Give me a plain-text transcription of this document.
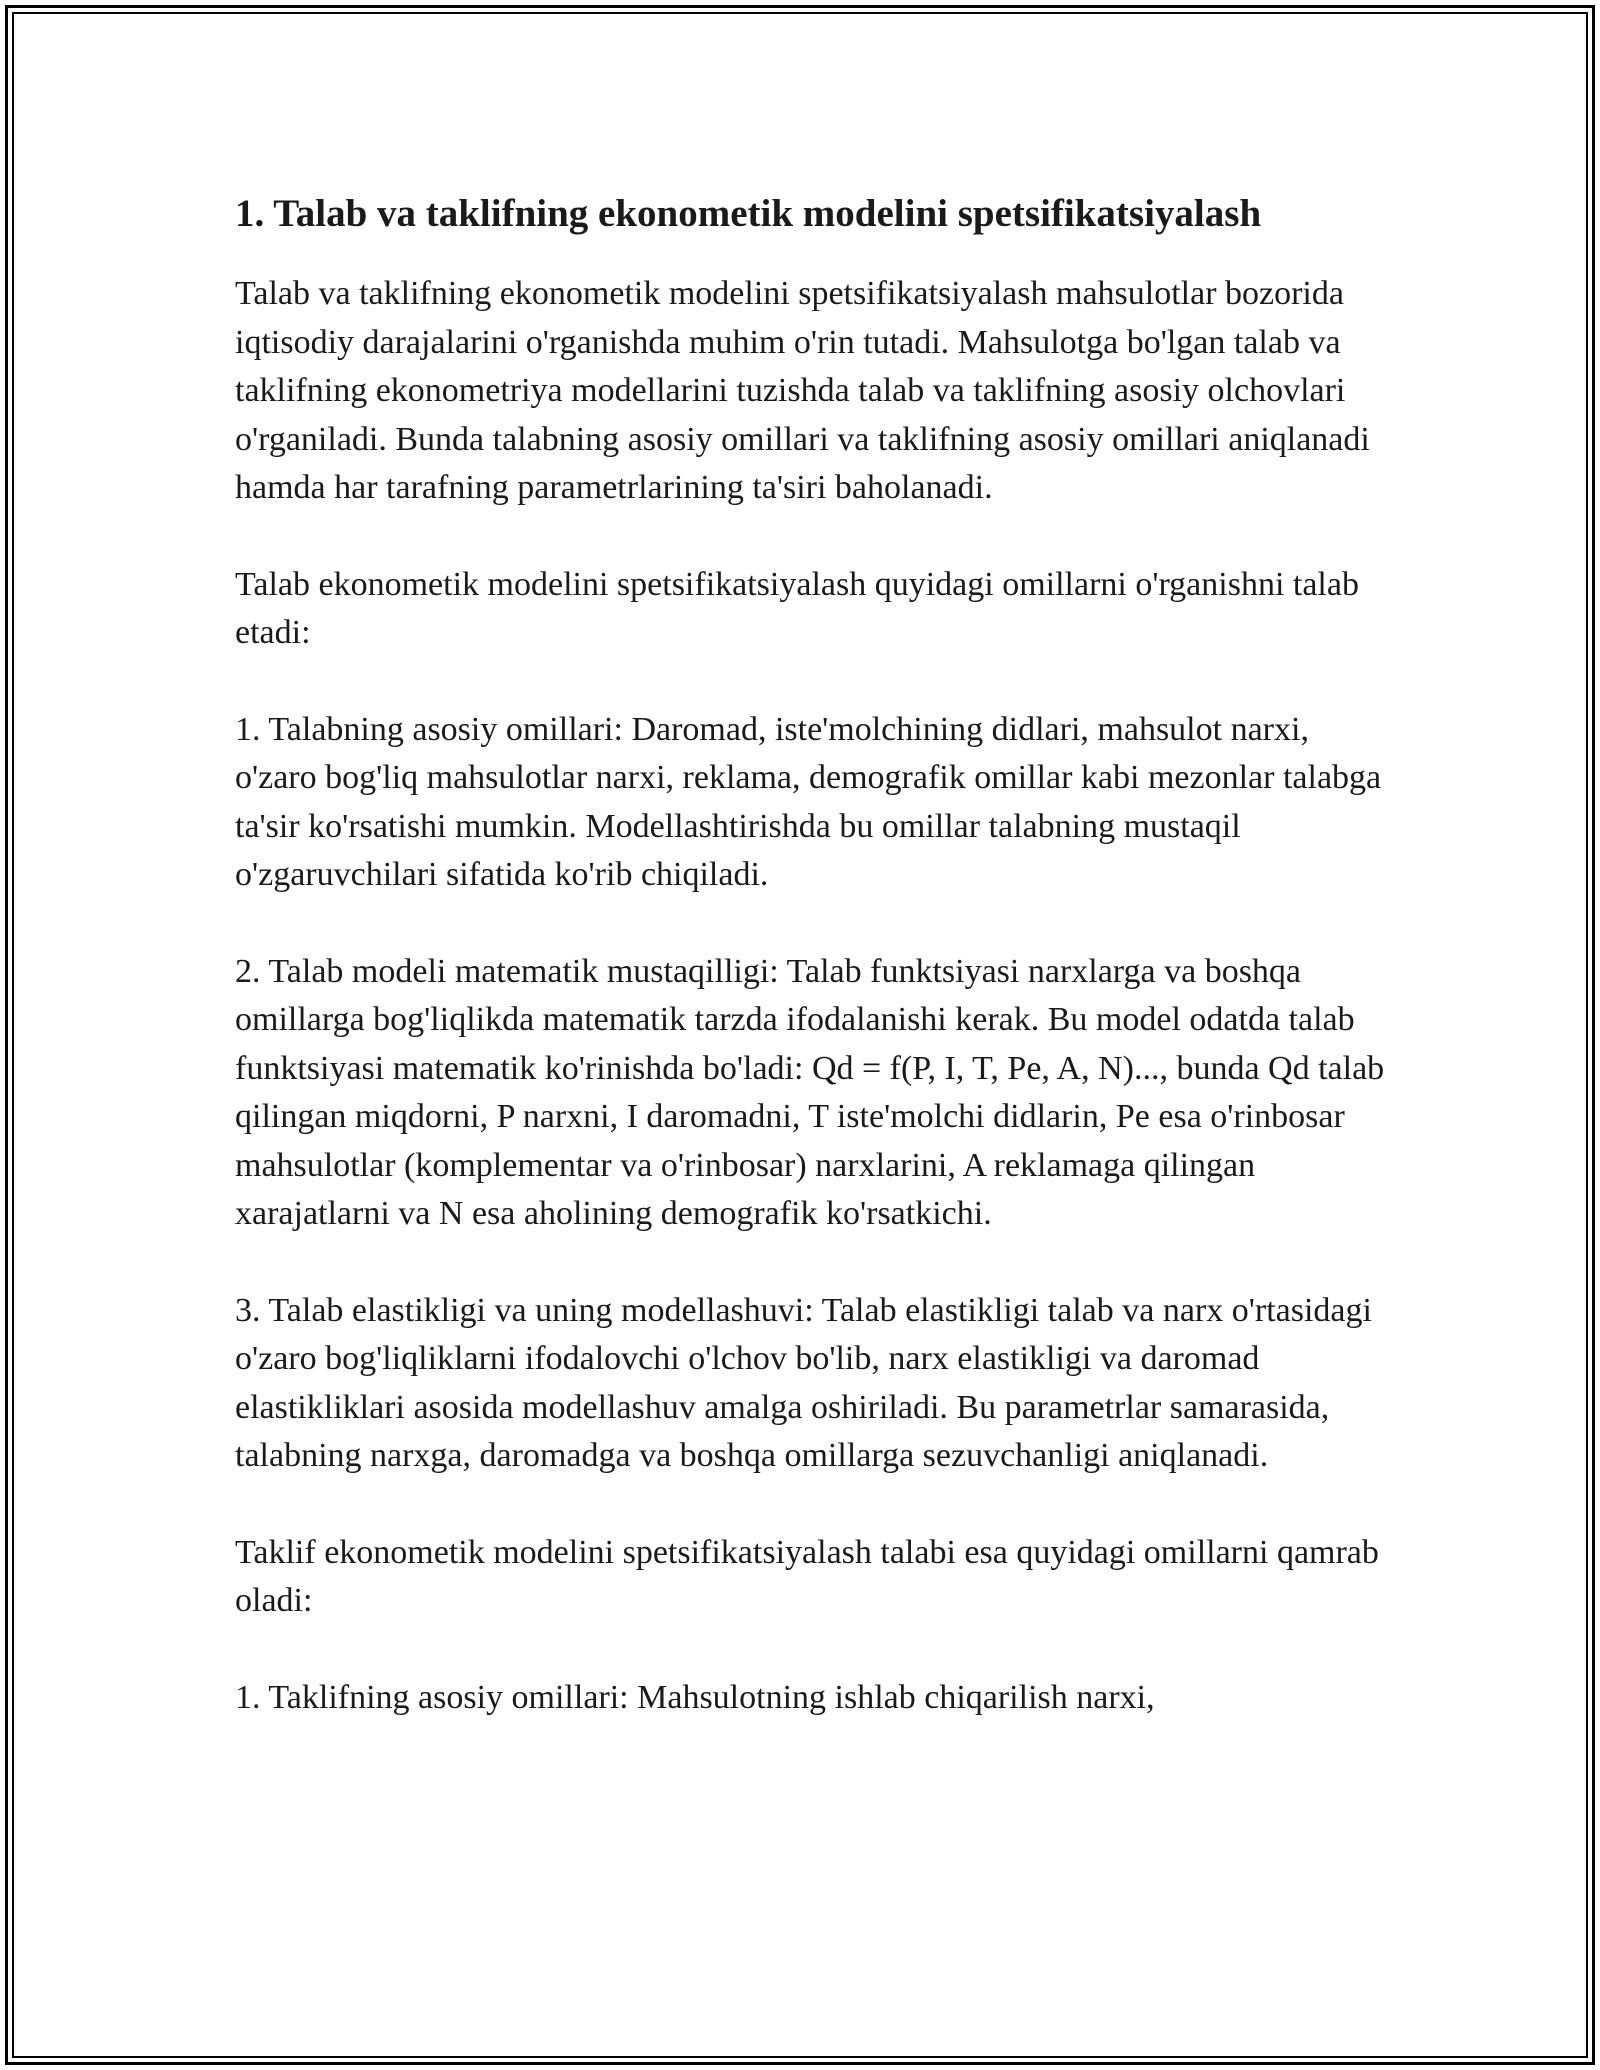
1. Talab va taklifning ekonometik modelini spetsifikatsiyalash

Talab va taklifning ekonometik modelini spetsifikatsiyalash mahsulotlar bozorida iqtisodiy darajalarini o'rganishda muhim o'rin tutadi. Mahsulotga bo'lgan talab va taklifning ekonometriya modellarini tuzishda talab va taklifning asosiy olchovlari o'rganiladi. Bunda talabning asosiy omillari va taklifning asosiy omillari aniqlanadi hamda har tarafning parametrlarining ta'siri baholanadi.

Talab ekonometik modelini spetsifikatsiyalash quyidagi omillarni o'rganishni talab etadi:

1. Talabning asosiy omillari: Daromad, iste'molchining didlari, mahsulot narxi, o'zaro bog'liq mahsulotlar narxi, reklama, demografik omillar kabi mezonlar talabga ta'sir ko'rsatishi mumkin. Modellashtirishda bu omillar talabning mustaqil o'zgaruvchilari sifatida ko'rib chiqiladi.

2. Talab modeli matematik mustaqilligi: Talab funktsiyasi narxlarga va boshqa omillarga bog'liqlikda matematik tarzda ifodalanishi kerak. Bu model odatda talab funktsiyasi matematik ko'rinishda bo'ladi: Qd = f(P, I, T, Pe, A, N)..., bunda Qd talab qilingan miqdorni, P narxni, I daromadni, T iste'molchi didlarin, Pe esa o'rinbosar mahsulotlar (komplementar va o'rinbosar) narxlarini, A reklamaga qilingan xarajatlarni va N esa aholining demografik ko'rsatkichi.

3. Talab elastikligi va uning modellashuvi: Talab elastikligi talab va narx o'rtasidagi o'zaro bog'liqliklarni ifodalovchi o'lchov bo'lib, narx elastikligi va daromad elastikliklari asosida modellashuv amalga oshiriladi. Bu parametrlar samarasida, talabning narxga, daromadga va boshqa omillarga sezuvchanligi aniqlanadi.

Taklif ekonometik modelini spetsifikatsiyalash talabi esa quyidagi omillarni qamrab oladi:

1. Taklifning asosiy omillari: Mahsulotning ishlab chiqarilish narxi,
